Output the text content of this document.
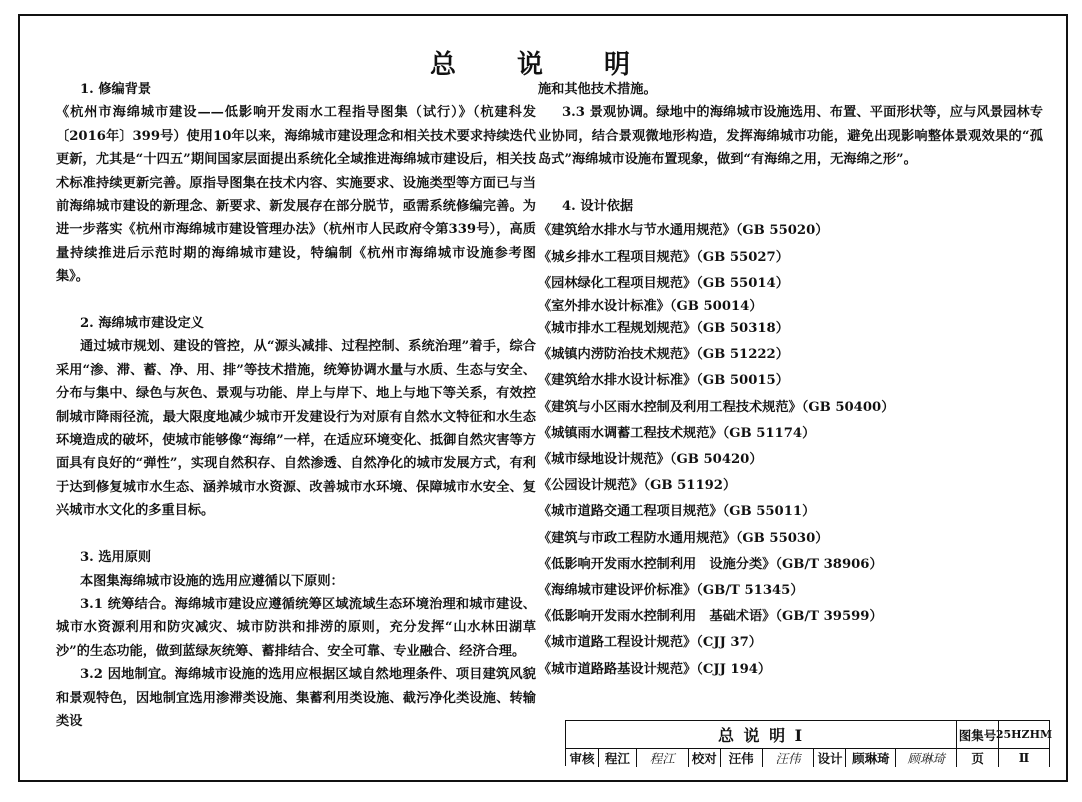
总 说 明

1. 修编背景

《杭州市海绵城市建设——低影响开发雨水工程指导图集（试行）》（杭建科发〔2016年〕399号）使用10年以来，海绵城市建设理念和相关技术要求持续迭代更新，尤其是“十四五”期间国家层面提出系统化全域推进海绵城市建设后，相关技术标准持续更新完善。原指导图集在技术内容、实施要求、设施类型等方面已与当前海绵城市建设的新理念、新要求、新发展存在部分脱节，亟需系统修编完善。为进一步落实《杭州市海绵城市建设管理办法》（杭州市人民政府令第339号），高质量持续推进后示范时期的海绵城市建设，特编制《杭州市海绵城市设施参考图集》。

2. 海绵城市建设定义

通过城市规划、建设的管控，从“源头减排、过程控制、系统治理”着手，综合采用“渗、滞、蓄、净、用、排”等技术措施，统筹协调水量与水质、生态与安全、分布与集中、绿色与灰色、景观与功能、岸上与岸下、地上与地下等关系，有效控制城市降雨径流，最大限度地减少城市开发建设行为对原有自然水文特征和水生态环境造成的破坏，使城市能够像“海绵”一样，在适应环境变化、抵御自然灾害等方面具有良好的“弹性”，实现自然积存、自然渗透、自然净化的城市发展方式，有利于达到修复城市水生态、涵养城市水资源、改善城市水环境、保障城市水安全、复兴城市水文化的多重目标。

3. 选用原则

本图集海绵城市设施的选用应遵循以下原则：

3.1 统筹结合。海绵城市建设应遵循统筹区域流域生态环境治理和城市建设、城市水资源利用和防灾减灾、城市防洪和排涝的原则，充分发挥“山水林田湖草沙”的生态功能，做到蓝绿灰统筹、蓄排结合、安全可靠、专业融合、经济合理。

3.2 因地制宜。海绵城市设施的选用应根据区域自然地理条件、项目建筑风貌和景观特色，因地制宜选用渗滞类设施、集蓄利用类设施、截污净化类设施、转输类设

施和其他技术措施。

3.3 景观协调。绿地中的海绵城市设施选用、布置、平面形状等，应与风景园林专业协同，结合景观微地形构造，发挥海绵城市功能，避免出现影响整体景观效果的“孤岛式”海绵城市设施布置现象，做到“有海绵之用，无海绵之形”。

4. 设计依据

《建筑给水排水与节水通用规范》（GB 55020）
《城乡排水工程项目规范》（GB 55027）
《园林绿化工程项目规范》（GB 55014）
《室外排水设计标准》（GB 50014）
《城市排水工程规划规范》（GB 50318）
《城镇内涝防治技术规范》（GB 51222）
《建筑给水排水设计标准》（GB 50015）
《建筑与小区雨水控制及利用工程技术规范》（GB 50400）
《城镇雨水调蓄工程技术规范》（GB 51174）
《城市绿地设计规范》（GB 50420）
《公园设计规范》（GB 51192）
《城市道路交通工程项目规范》（GB 55011）
《建筑与市政工程防水通用规范》（GB 55030）
《低影响开发雨水控制利用　设施分类》（GB/T 38906）
《海绵城市建设评价标准》（GB/T 51345）
《低影响开发雨水控制利用　基础术语》（GB/T 39599）
《城市道路工程设计规范》（CJJ 37）
《城市道路路基设计规范》（CJJ 194）
总 说 明 Ⅰ	图集号 25HZHM
审核 程江	程江	校对 汪伟	汪伟	设计 顾琳琦	顾琳琦	页	Ⅱ
